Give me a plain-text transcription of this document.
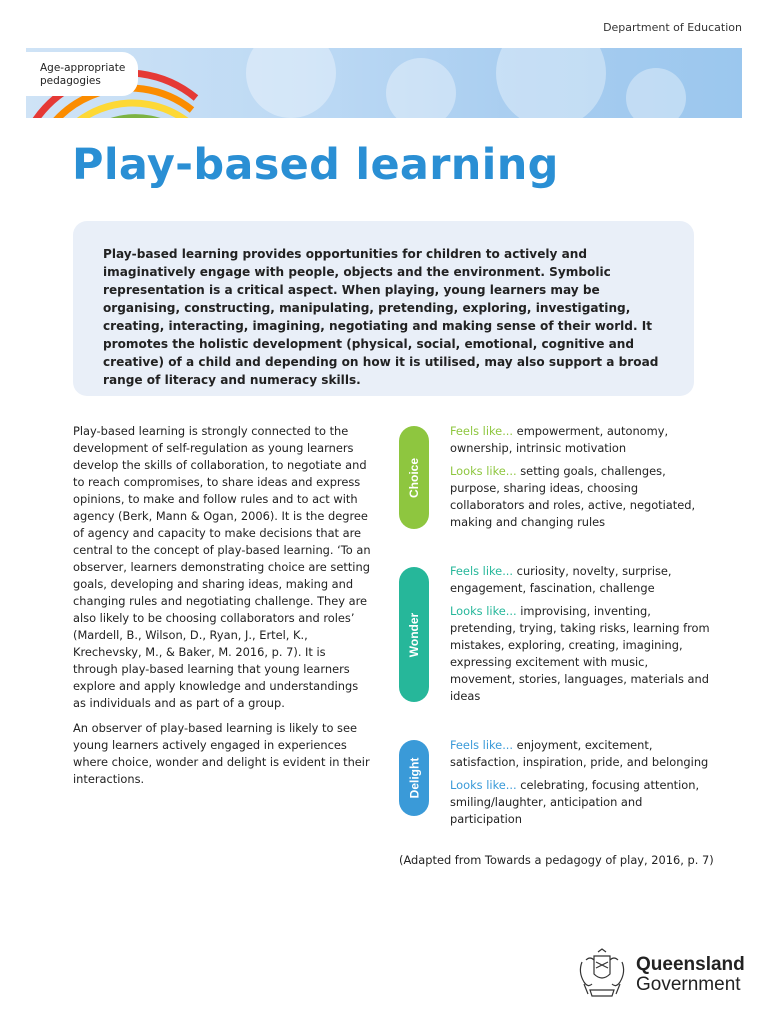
Department of Education
Age-appropriate
pedagogies
Play-based learning
Play-based learning provides opportunities for children to actively and imaginatively engage with people, objects and the environment. Symbolic representation is a critical aspect. When playing, young learners may be organising, constructing, manipulating, pretending, exploring, investigating, creating, interacting, imagining, negotiating and making sense of their world. It promotes the holistic development (physical, social, emotional, cognitive and creative) of a child and depending on how it is utilised, may also support a broad range of literacy and numeracy skills.

Play-based learning is strongly connected to the development of self-regulation as young learners develop the skills of collaboration, to negotiate and to reach compromises, to share ideas and express opinions, to make and follow rules and to act with agency (Berk, Mann & Ogan, 2006). It is the degree of agency and capacity to make decisions that are central to the concept of play-based learning. ‘To an observer, learners demonstrating choice are setting goals, developing and sharing ideas, making and changing rules and negotiating challenge. They are also likely to be choosing collaborators and roles’ (Mardell, B., Wilson, D., Ryan, J., Ertel, K., Krechevsky, M., & Baker, M. 2016, p. 7). It is through play-based learning that young learners explore and apply knowledge and understandings as individuals and as part of a group.

An observer of play-based learning is likely to see young learners actively engaged in experiences where choice, wonder and delight is evident in their interactions.

Choice

Feels like... empowerment, autonomy, ownership, intrinsic motivation

Looks like... setting goals, challenges, purpose, sharing ideas, choosing collaborators and roles, active, negotiated, making and changing rules

Wonder

Feels like... curiosity, novelty, surprise, engagement, fascination, challenge

Looks like... improvising, inventing, pretending, trying, taking risks, learning from mistakes, exploring, creating, imagining, expressing excitement with music, movement, stories, languages, materials and ideas

Delight

Feels like... enjoyment, excitement, satisfaction, inspiration, pride, and belonging

Looks like... celebrating, focusing attention, smiling/laughter, anticipation and participation

(Adapted from Towards a pedagogy of play, 2016, p. 7)
Queensland
Government
